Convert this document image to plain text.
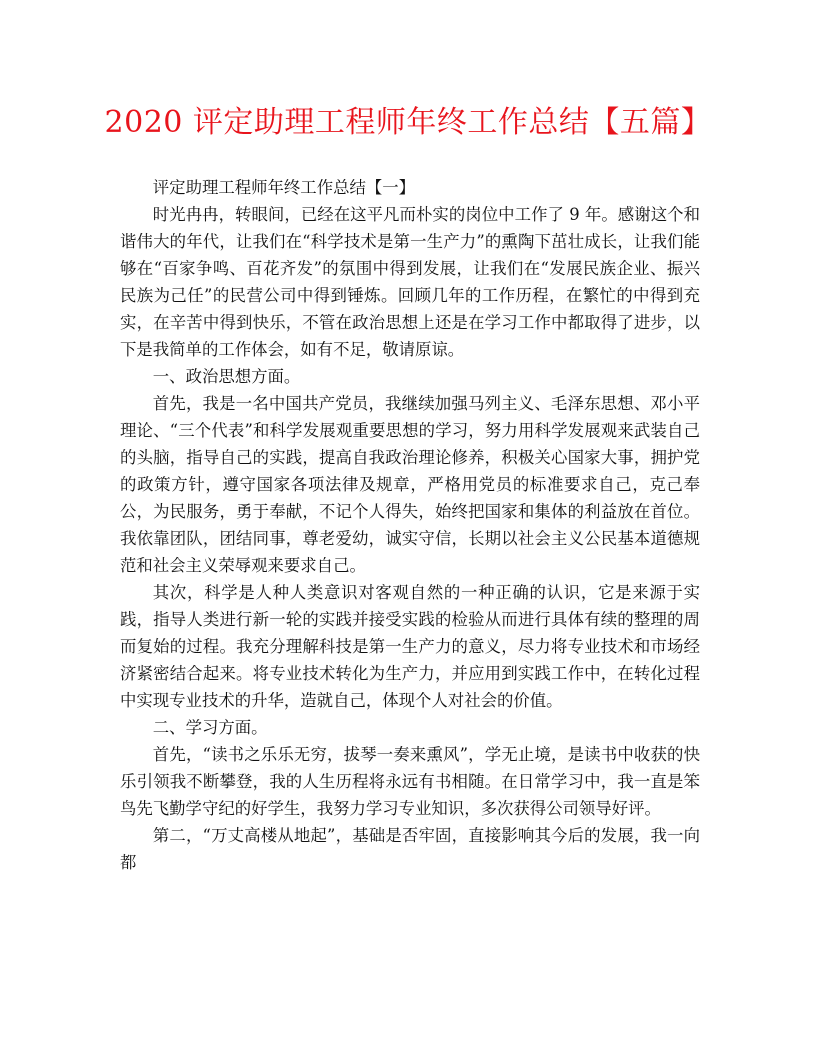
2020 评定助理工程师年终工作总结【五篇】

评定助理工程师年终工作总结【一】

时光冉冉，转眼间，已经在这平凡而朴实的岗位中工作了 9 年。感谢这个和谐伟大的年代，让我们在“科学技术是第一生产力”的熏陶下茁壮成长，让我们能够在“百家争鸣、百花齐发”的氛围中得到发展，让我们在“发展民族企业、振兴民族为己任”的民营公司中得到锤炼。回顾几年的工作历程，在繁忙的中得到充实，在辛苦中得到快乐，不管在政治思想上还是在学习工作中都取得了进步，以下是我简单的工作体会，如有不足，敬请原谅。

一、政治思想方面。

首先，我是一名中国共产党员，我继续加强马列主义、毛泽东思想、邓小平理论、“三个代表”和科学发展观重要思想的学习，努力用科学发展观来武装自己的头脑，指导自己的实践，提高自我政治理论修养，积极关心国家大事，拥护党的政策方针，遵守国家各项法律及规章，严格用党员的标准要求自己，克己奉公，为民服务，勇于奉献，不记个人得失，始终把国家和集体的利益放在首位。我依靠团队，团结同事，尊老爱幼，诚实守信，长期以社会主义公民基本道德规范和社会主义荣辱观来要求自己。

其次，科学是人种人类意识对客观自然的一种正确的认识，它是来源于实践，指导人类进行新一轮的实践并接受实践的检验从而进行具体有续的整理的周而复始的过程。我充分理解科技是第一生产力的意义，尽力将专业技术和市场经济紧密结合起来。将专业技术转化为生产力，并应用到实践工作中，在转化过程中实现专业技术的升华，造就自己，体现个人对社会的价值。

二、学习方面。

首先，“读书之乐乐无穷，拔琴一奏来熏风”，学无止境，是读书中收获的快乐引领我不断攀登，我的人生历程将永远有书相随。在日常学习中，我一直是笨鸟先飞勤学守纪的好学生，我努力学习专业知识，多次获得公司领导好评。

第二，“万丈高楼从地起”，基础是否牢固，直接影响其今后的发展，我一向都
